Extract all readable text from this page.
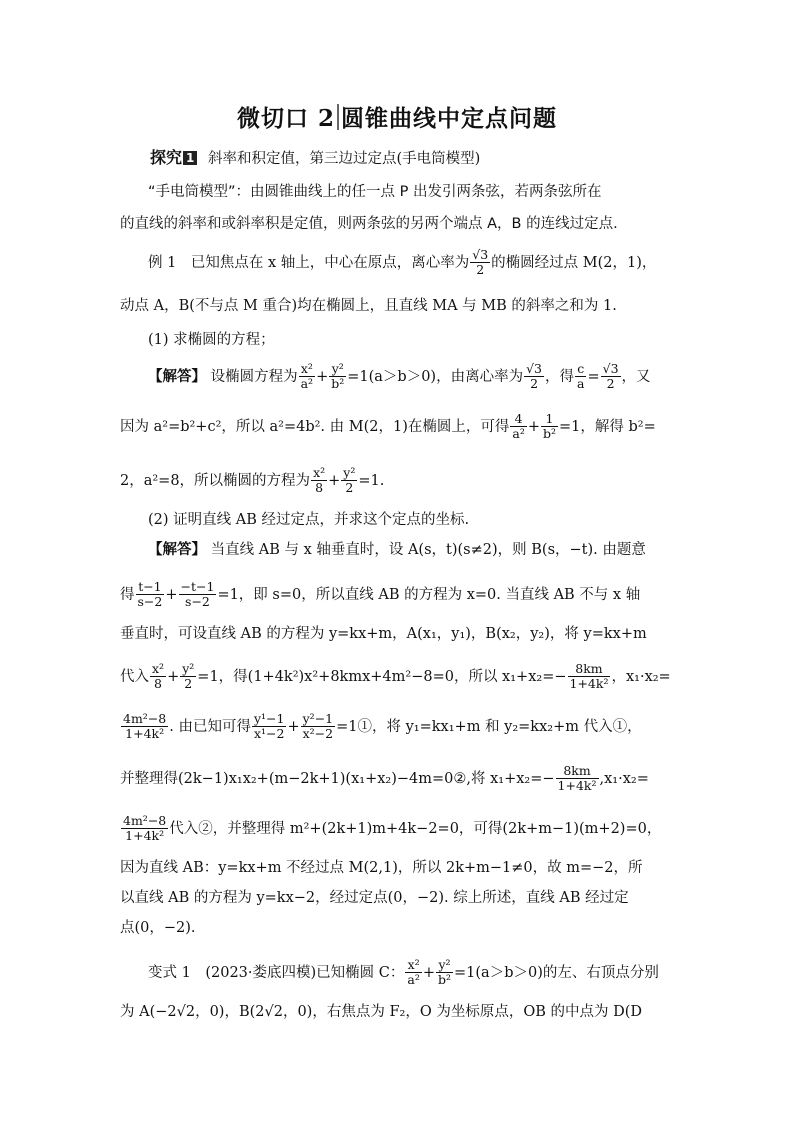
微切口 2 圆锥曲线中定点问题
探究 1 斜率和积定值，第三边过定点(手电筒模型)
“手电筒模型”：由圆锥曲线上的任一点 P 出发引两条弦，若两条弦所在
的直线的斜率和或斜率积是定值，则两条弦的另两个端点 A，B 的连线过定点.
例 1　已知焦点在 x 轴上，中心在原点，离心率为 $\frac{√3}{2}$ 的椭圆经过点 M(2，1)，
动点 A，B(不与点 M 重合)均在椭圆上，且直线 MA 与 MB 的斜率之和为 1.
(1) 求椭圆的方程；
【解答】 设椭圆方程为 $\frac{\text{x²}}{\text{a²}} + \frac{\text{y²}}{\text{b²}} =1(a>b>0)$，由离心率为 $\frac{√3}{2}$ ，得 $\frac{c}{a} = \frac{√3}{2}$ ，又
因为 a²=b²+c²，所以 a²=4b². 由 M(2，1)在椭圆上，可得 $\frac{4}{\text{a²}} + \frac{1}{\text{b²}} =1$，解得 b²=
2，a²=8，所以椭圆的方程为 $\frac{\text{x²}}{8} + \frac{\text{y²}}{2} =1$.
(2) 证明直线 AB 经过定点，并求这个定点的坐标.
【解答】 当直线 AB 与 x 轴垂直时，设 A(s，t)(s≠2)，则 B(s，−t). 由题意
得 $\frac{t-1}{s-2} + \frac{-t-1}{s-2} =1$，即 s=0，所以直线 AB 的方程为 x=0. 当直线 AB 不与 x 轴
垂直时，可设直线 AB 的方程为 y=kx+m，A(x₁，y₁)，B(x₂，y₂)，将 y=kx+m
代入 $\frac{\text{x²}}{8} + \frac{\text{y²}}{2} =1$，得(1+4k²)x²+8kmx+4m²−8=0，所以 $x_1+x_2=- \frac{8km}{\text{1+4k²}}$ ，x₁·x₂=
$\frac{\text{4m²−8}}{\text{1+4k²}}$ . 由已知可得 $\frac{\text{y¹−1}}{\text{x¹−2}} + \frac{\text{y²−1}}{\text{x²−2}}$ =1①，将 y₁=kx₁+m 和 y₂=kx₂+m 代入①，
并整理得(2k−1)x₁x₂+(m−2k+1)(x₁+x₂)−4m=0②,将 $x_1+x_2=- \frac{8km}{\text{1+4k²}} ,x_1\cdot x_2=$
$\frac{\text{4m²−8}}{\text{1+4k²}}$ 代入②，并整理得 m²+(2k+1)m+4k−2=0，可得(2k+m−1)(m+2)=0，
因为直线 AB：y=kx+m 不经过点 M(2,1)，所以 2k+m−1≠0，故 m=−2，所
以直线 AB 的方程为 y=kx−2，经过定点(0，−2). 综上所述，直线 AB 经过定
点(0，−2).
变式 1　(2023·娄底四模)已知椭圆 C： $\frac{\text{x²}}{\text{a²}} + \frac{\text{y²}}{\text{b²}} =1(a>b>0)$的左、右顶点分别
为 A(−2√2，0)，B(2√2，0)，右焦点为 F₂，O 为坐标原点，OB 的中点为 D(D
